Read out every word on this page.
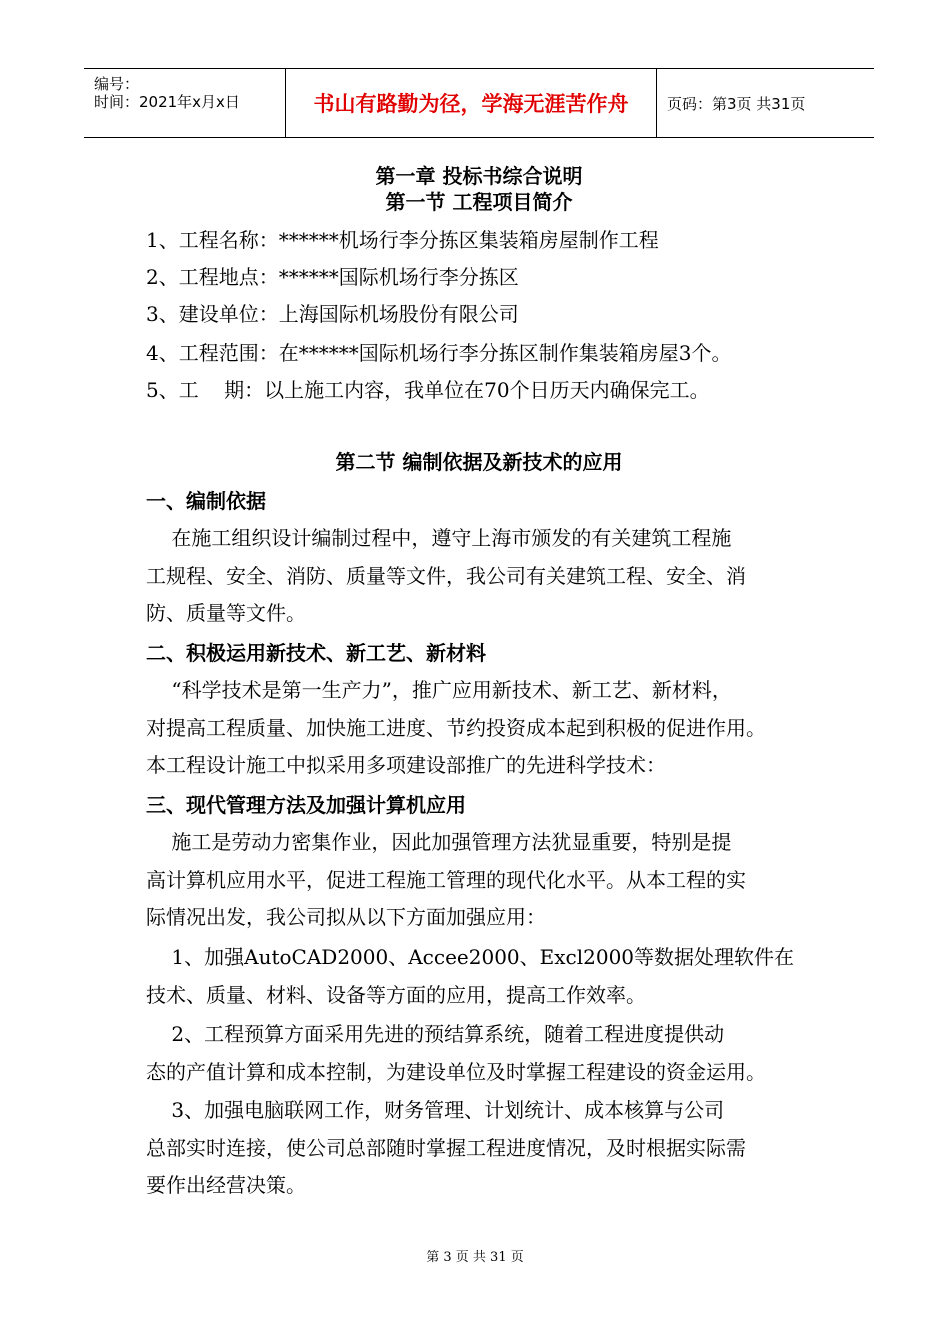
编号：
时间：2021年x月x日	书山有路勤为径，学海无涯苦作舟	页码：第3页 共31页
第一章 投标书综合说明
第一节 工程项目简介
1、工程名称：******机场行李分拣区集装箱房屋制作工程
2、工程地点：******国际机场行李分拣区
3、建设单位：上海国际机场股份有限公司
4、工程范围：在******国际机场行李分拣区制作集装箱房屋3个。
5、工    期：以上施工内容，我单位在70个日历天内确保完工。
第二节 编制依据及新技术的应用
一、编制依据
在施工组织设计编制过程中，遵守上海市颁发的有关建筑工程施
工规程、安全、消防、质量等文件，我公司有关建筑工程、安全、消
防、质量等文件。
二、积极运用新技术、新工艺、新材料
“科学技术是第一生产力”，推广应用新技术、新工艺、新材料，
对提高工程质量、加快施工进度、节约投资成本起到积极的促进作用。
本工程设计施工中拟采用多项建设部推广的先进科学技术：
三、现代管理方法及加强计算机应用
施工是劳动力密集作业，因此加强管理方法犹显重要，特别是提
高计算机应用水平，促进工程施工管理的现代化水平。从本工程的实
际情况出发，我公司拟从以下方面加强应用：
1、加强AutoCAD2000、Accee2000、Excl2000等数据处理软件在
技术、质量、材料、设备等方面的应用，提高工作效率。
2、工程预算方面采用先进的预结算系统，随着工程进度提供动
态的产值计算和成本控制，为建设单位及时掌握工程建设的资金运用。
3、加强电脑联网工作，财务管理、计划统计、成本核算与公司
总部实时连接，使公司总部随时掌握工程进度情况，及时根据实际需
要作出经营决策。
第 3 页 共 31 页
